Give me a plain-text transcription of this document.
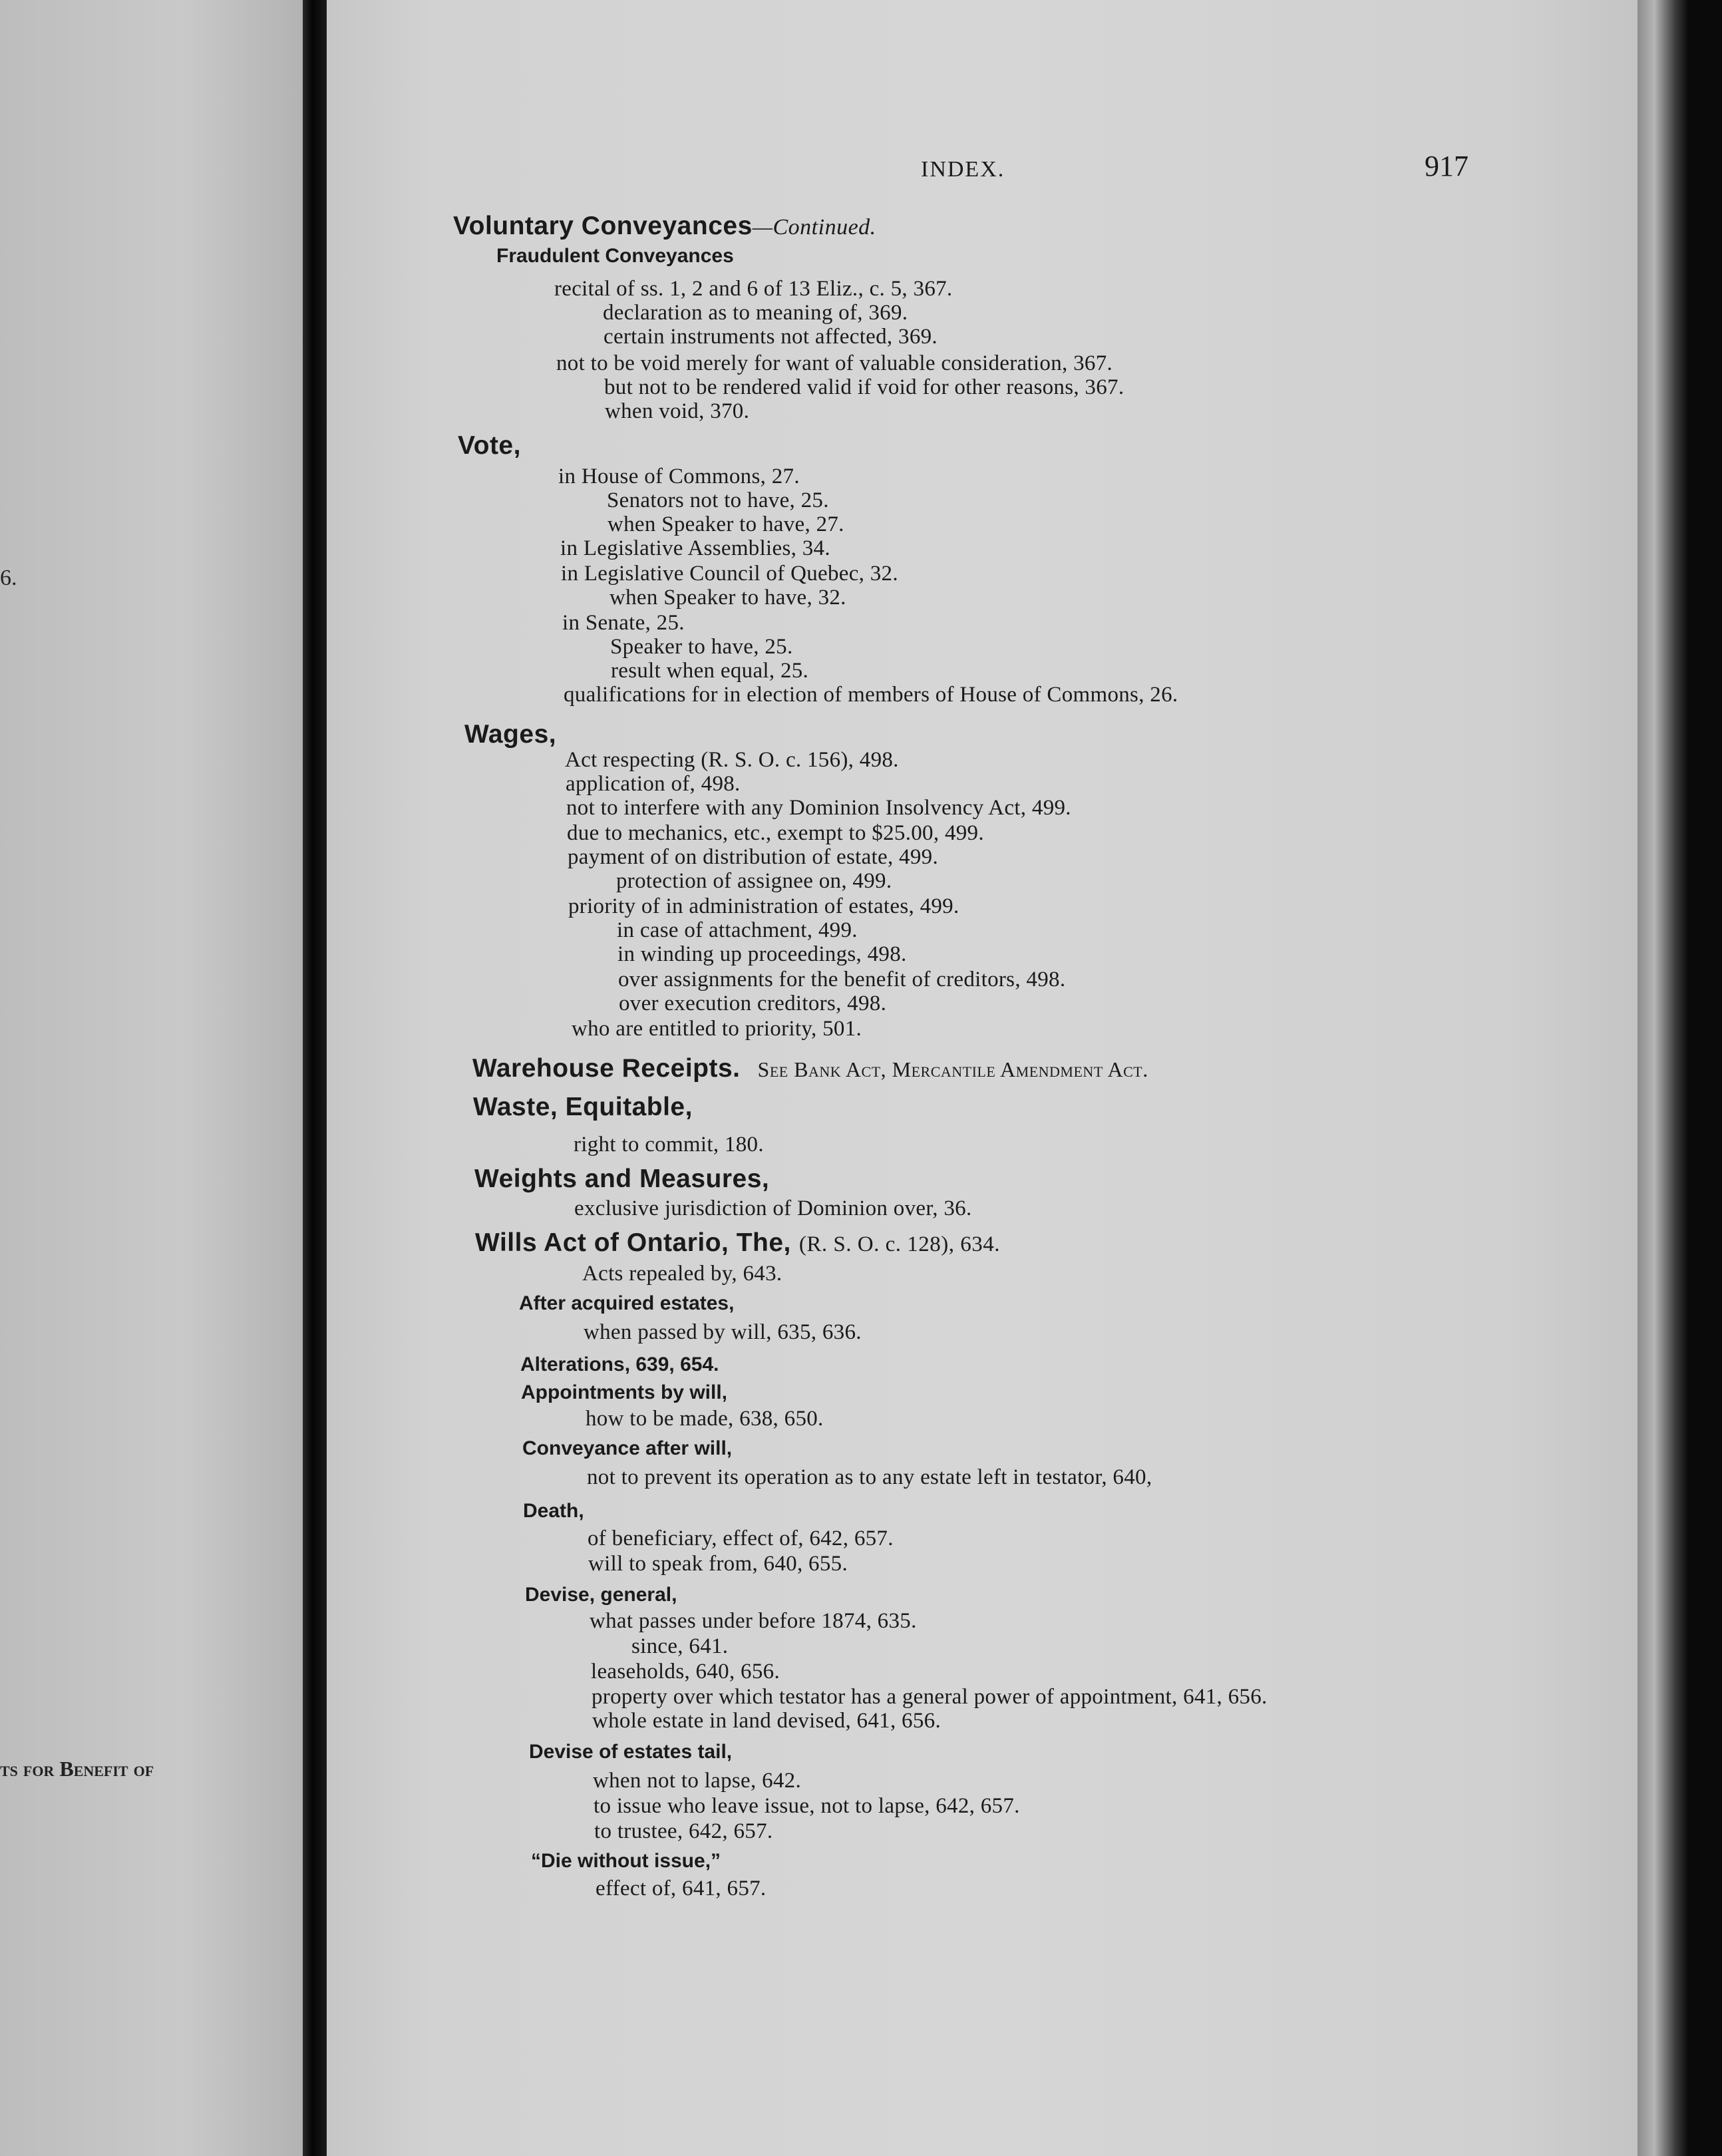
6.
ts for Benefit of
INDEX.	917
Voluntary Conveyances—Continued.
Fraudulent Conveyances
recital of ss. 1, 2 and 6 of 13 Eliz., c. 5, 367.
declaration as to meaning of, 369.
certain instruments not affected, 369.
not to be void merely for want of valuable consideration, 367.
but not to be rendered valid if void for other reasons, 367.
when void, 370.
Vote,
in House of Commons, 27.
Senators not to have, 25.
when Speaker to have, 27.
in Legislative Assemblies, 34.
in Legislative Council of Quebec, 32.
when Speaker to have, 32.
in Senate, 25.
Speaker to have, 25.
result when equal, 25.
qualifications for in election of members of House of Commons, 26.
Wages,
Act respecting (R. S. O. c. 156), 498.
application of, 498.
not to interfere with any Dominion Insolvency Act, 499.
due to mechanics, etc., exempt to $25.00, 499.
payment of on distribution of estate, 499.
protection of assignee on, 499.
priority of in administration of estates, 499.
in case of attachment, 499.
in winding up proceedings, 498.
over assignments for the benefit of creditors, 498.
over execution creditors, 498.
who are entitled to priority, 501.
Warehouse Receipts. See Bank Act, Mercantile Amendment Act.
Waste, Equitable,
right to commit, 180.
Weights and Measures,
exclusive jurisdiction of Dominion over, 36.
Wills Act of Ontario, The, (R. S. O. c. 128), 634.
Acts repealed by, 643.
After acquired estates,
when passed by will, 635, 636.
Alterations, 639, 654.
Appointments by will,
how to be made, 638, 650.
Conveyance after will,
not to prevent its operation as to any estate left in testator, 640,
Death,
of beneficiary, effect of, 642, 657.
will to speak from, 640, 655.
Devise, general,
what passes under before 1874, 635.
since, 641.
leaseholds, 640, 656.
property over which testator has a general power of appointment, 641, 656.
whole estate in land devised, 641, 656.
Devise of estates tail,
when not to lapse, 642.
to issue who leave issue, not to lapse, 642, 657.
to trustee, 642, 657.
“Die without issue,”
effect of, 641, 657.
